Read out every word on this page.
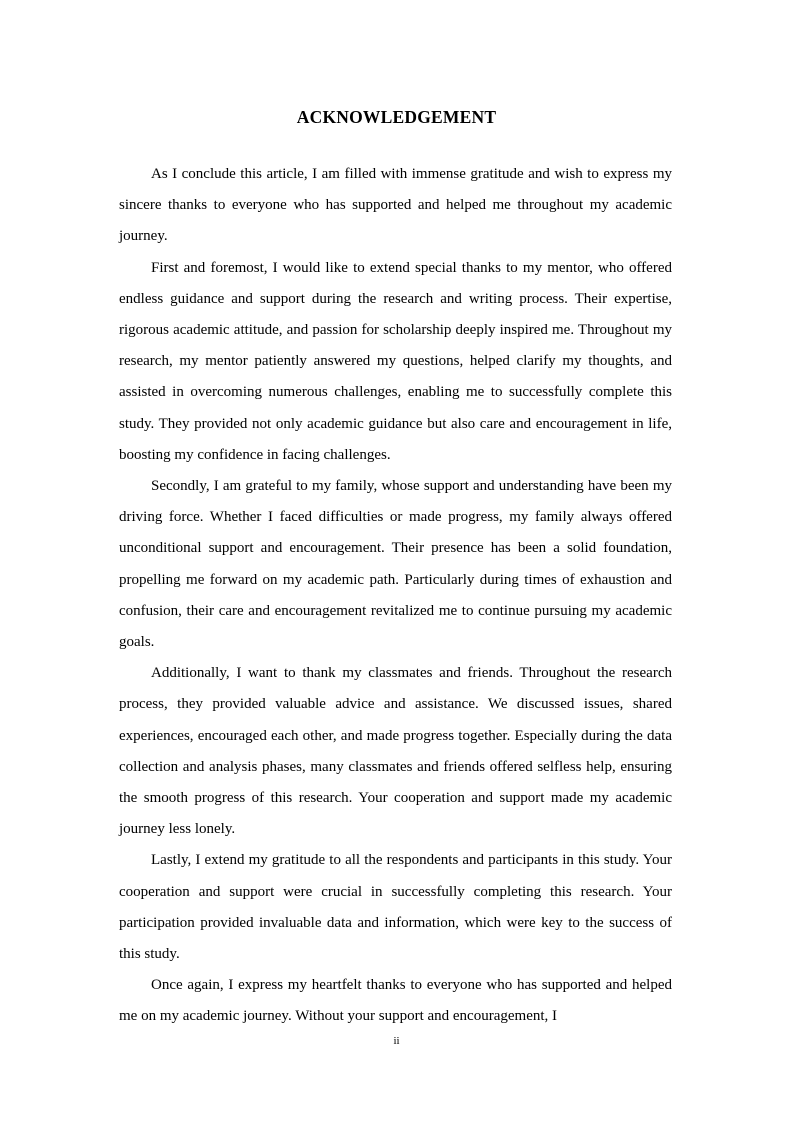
ACKNOWLEDGEMENT

As I conclude this article, I am filled with immense gratitude and wish to express my sincere thanks to everyone who has supported and helped me throughout my academic journey.

First and foremost, I would like to extend special thanks to my mentor, who offered endless guidance and support during the research and writing process. Their expertise, rigorous academic attitude, and passion for scholarship deeply inspired me. Throughout my research, my mentor patiently answered my questions, helped clarify my thoughts, and assisted in overcoming numerous challenges, enabling me to successfully complete this study. They provided not only academic guidance but also care and encouragement in life, boosting my confidence in facing challenges.

Secondly, I am grateful to my family, whose support and understanding have been my driving force. Whether I faced difficulties or made progress, my family always offered unconditional support and encouragement. Their presence has been a solid foundation, propelling me forward on my academic path. Particularly during times of exhaustion and confusion, their care and encouragement revitalized me to continue pursuing my academic goals.

Additionally, I want to thank my classmates and friends. Throughout the research process, they provided valuable advice and assistance. We discussed issues, shared experiences, encouraged each other, and made progress together. Especially during the data collection and analysis phases, many classmates and friends offered selfless help, ensuring the smooth progress of this research. Your cooperation and support made my academic journey less lonely.

Lastly, I extend my gratitude to all the respondents and participants in this study. Your cooperation and support were crucial in successfully completing this research. Your participation provided invaluable data and information, which were key to the success of this study.

Once again, I express my heartfelt thanks to everyone who has supported and helped me on my academic journey. Without your support and encouragement, I

ii
